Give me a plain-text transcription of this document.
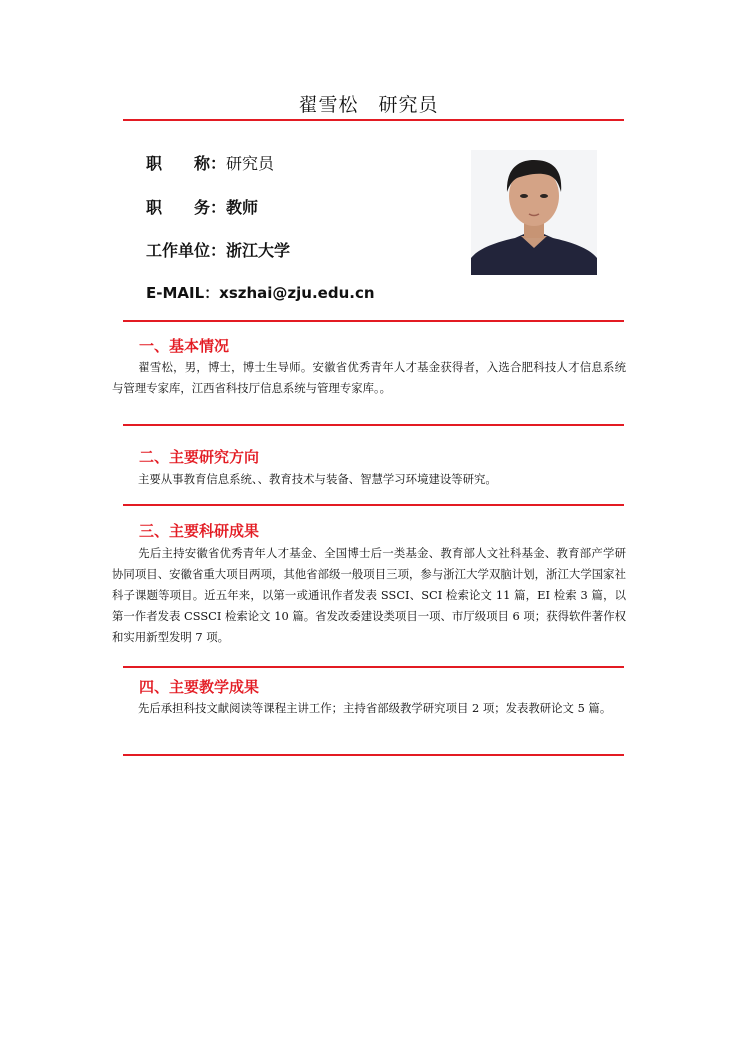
翟雪松　研究员
职　　称：研究员
职　　务：教师
工作单位：浙江大学
E-MAIL：xszhai@zju.edu.cn
一、基本情况
翟雪松，男，博士，博士生导师。安徽省优秀青年人才基金获得者，入选合肥科技人才信息系统与管理专家库，江西省科技厅信息系统与管理专家库。。
二、主要研究方向
主要从事教育信息系统、、教育技术与装备、智慧学习环境建设等研究。
三、主要科研成果
先后主持安徽省优秀青年人才基金、全国博士后一类基金、教育部人文社科基金、教育部产学研协同项目、安徽省重大项目两项，其他省部级一般项目三项，参与浙江大学双脑计划，浙江大学国家社科子课题等项目。近五年来，以第一或通讯作者发表 SSCI、SCI 检索论文 11 篇，EI 检索 3 篇，以第一作者发表 CSSCI 检索论文 10 篇。省发改委建设类项目一项、市厅级项目 6 项；获得软件著作权和实用新型发明 7 项。
四、主要教学成果
先后承担科技文献阅读等课程主讲工作；主持省部级教学研究项目 2 项；发表教研论文 5 篇。
